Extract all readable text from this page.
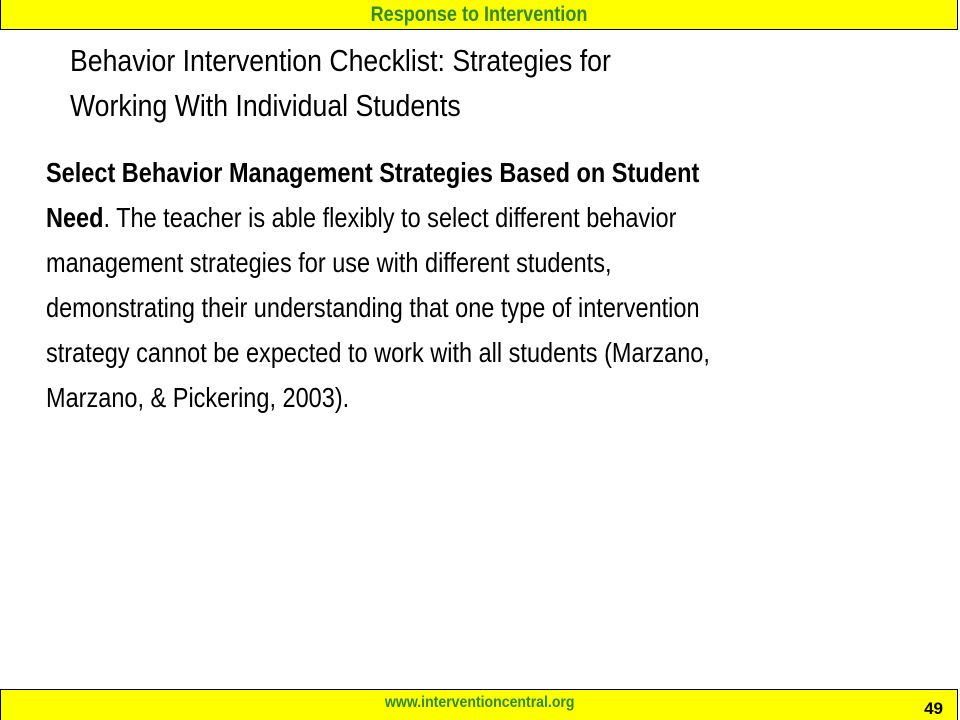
Response to Intervention
Behavior Intervention Checklist: Strategies for
Working With Individual Students
Select Behavior Management Strategies Based on Student
Need. The teacher is able flexibly to select different behavior
management strategies for use with different students,
demonstrating their understanding that one type of intervention
strategy cannot be expected to work with all students (Marzano,
Marzano, & Pickering, 2003).
www.interventioncentral.org	49
